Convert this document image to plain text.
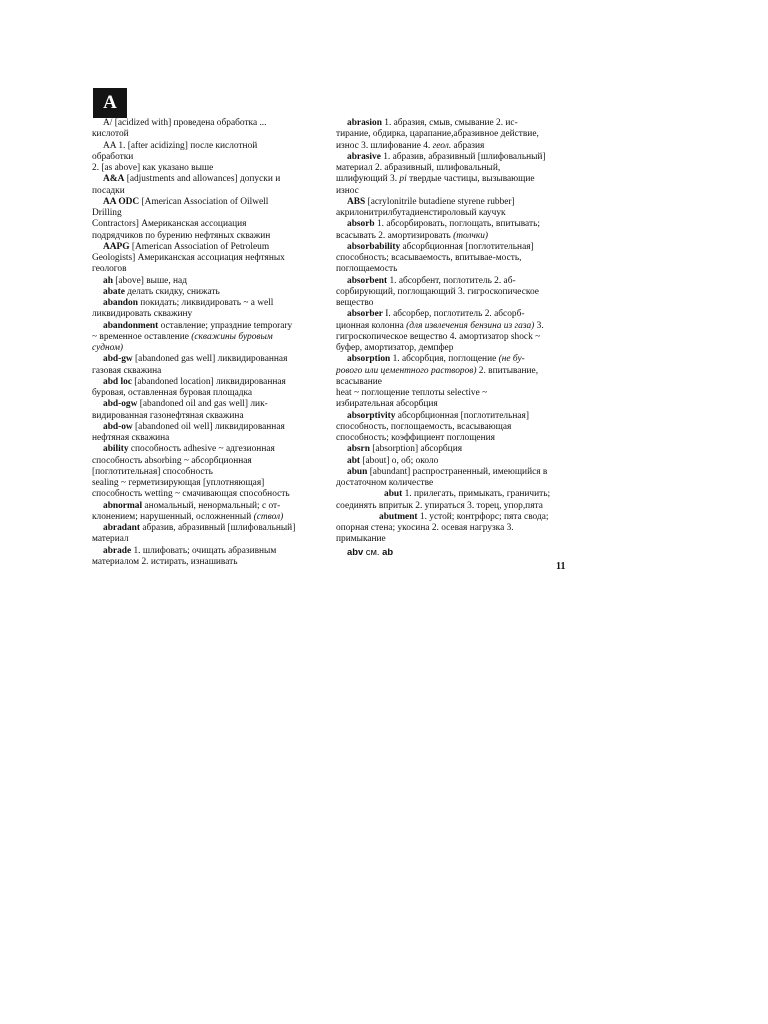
A
A/ [acidized with] проведена обработка ...
кислотой
AA 1. [after acidizing] после кислотной обработки
2. [as above] как указано выше
A&A [adjustments and allowances] допуски и
посадки
AA ODC [American Association of Oilwell Drilling
Contractors] Американская ассоциация
подрядчиков по бурению нефтяных скважин
AAPG [American Association of Petroleum
Geologists] Американская ассоциация нефтяных
геологов
ah [above] выше, над
abate делать скидку, снижать
abandon покидать; ликвидировать ~ a well
ликвидировать скважину
abandonment оставление; упраздние temporary
~ временное оставление (скважины буровым
судном)
abd-gw [abandoned gas well] ликвидированная
газовая скважина
abd loc [abandoned location] ликвидированная
буровая, оставленная буровая площадка
abd-ogw [abandoned oil and gas well] лик-
видированная газонефтяная скважина
abd-ow [abandoned oil well] ликвидированная
нефтяная скважина
ability способность adhesive ~ адгезионная
способность absorbing ~ абсорбционная
[поглотительная] способность
sealing ~ герметизирующая [уплотняющая]
способность wetting ~ смачивающая способность
abnormal аномальный, ненормальный; с от-
клонением; нарушенный, осложненный (ствол)
abradant абразив, абразивный [шлифовальный]
материал
abrade 1. шлифовать; очищать абразивным
материалом 2. истирать, изнашивать
abrasion 1. абразия, смыв, смывание 2. ис-
тирание, обдирка, царапание,абразивное действие,
износ 3. шлифование 4. геол. абразия
abrasive 1. абразив, абразивный [шлифовальный]
материал 2. абразивный, шлифовальный,
шлифующий 3. pi твердые частицы, вызывающие
износ
ABS [acrylonitrile butadiene styrene rubber]
акрилонитрилбутадиенстироловый каучук
absorb 1. абсорбировать, поглощать, впитывать;
всасывать 2. амортизировать (толчки)
absorbability абсорбционная [поглотительная]
способность; всасываемость, впитывае-мость,
поглощаемость
absorbent 1. абсорбент, поглотитель 2. аб-
сорбирующий, поглощающий 3. гигроскопическое
вещество
absorber I. абсорбер, поглотитель 2. абсорб-
ционная колонна (для извлечения бензина из газа) 3.
гигроскопическое вещество 4. амортизатор shock ~
буфер, амортизатор, демпфер
absorption 1. абсорбция, поглощение (не бу-
рового или цементного растворов) 2. впитывание,
всасывание
heat ~ поглощение теплоты selective ~
избирательная абсорбция
absorptivity абсорбционная [поглотительная]
способность, поглощаемость, всасывающая
способность; коэффициент поглощения
absrn [absorption] абсорбция
abt [about] о, об; около
abun [abundant] распространенный, имеющийся в
достаточном количестве
abut 1. прилегать, примыкать, граничить;
соединять впритык 2. упираться 3. торец, упор,пята
abutment 1. устой; контрфорс; пята свода;
опорная стена; укосина 2. осевая нагрузка 3.
примыкание
abv см. ab
11
